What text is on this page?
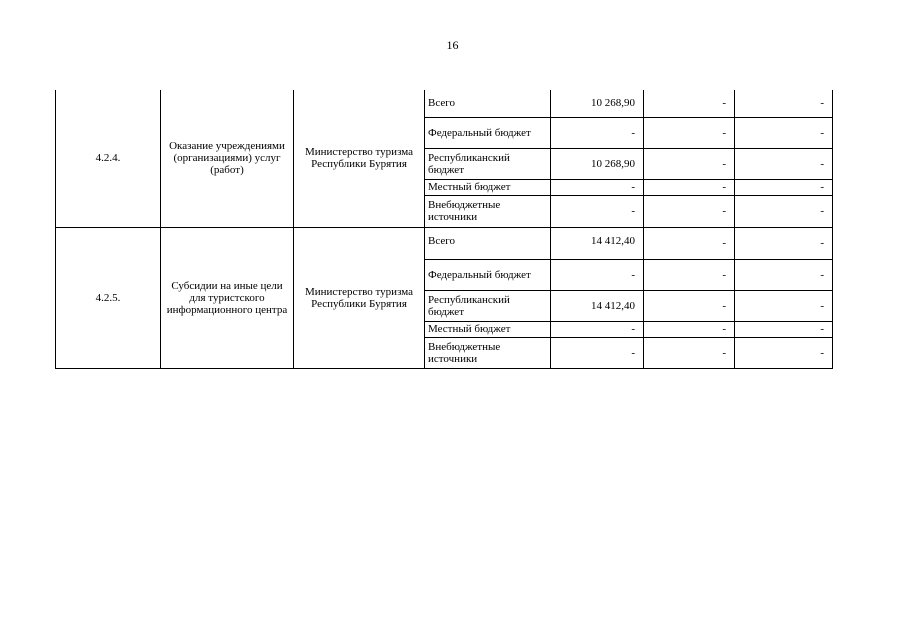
16
4.2.4.	Оказание учреждениями (организациями) услуг (работ)	Министерство туризма Республики Бурятия	Всего	10 268,90	-	-
			Федеральный бюджет	-	-	-
			Республиканский бюджет	10 268,90	-	-
			Местный бюджет	-	-	-
			Внебюджетные источники	-	-	-
4.2.5.	Субсидии на иные цели для туристского информационного центра	Министерство туризма Республики Бурятия	Всего	14 412,40	-	-
			Федеральный бюджет	-	-	-
			Республиканский бюджет	14 412,40	-	-
			Местный бюджет	-	-	-
			Внебюджетные источники	-	-	-
